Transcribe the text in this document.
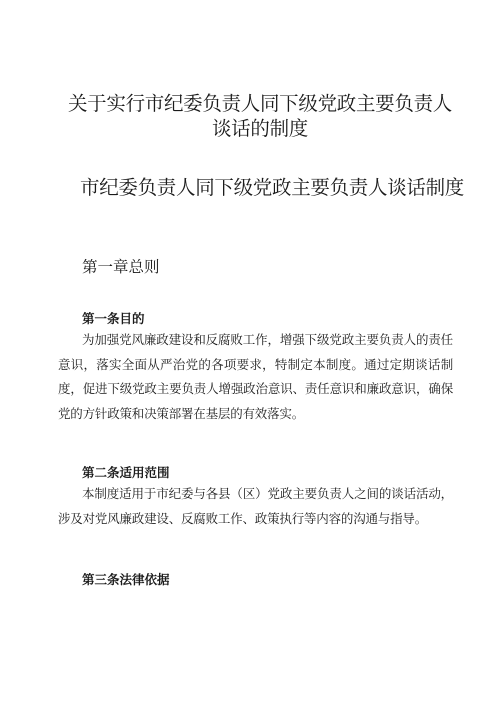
关于实行市纪委负责人同下级党政主要负责人谈话的制度
市纪委负责人同下级党政主要负责人谈话制度
第一章总则
第一条目的

为加强党风廉政建设和反腐败工作，增强下级党政主要负责人的责任意识，落实全面从严治党的各项要求，特制定本制度。通过定期谈话制度，促进下级党政主要负责人增强政治意识、责任意识和廉政意识，确保党的方针政策和决策部署在基层的有效落实。

第二条适用范围

本制度适用于市纪委与各县（区）党政主要负责人之间的谈话活动，涉及对党风廉政建设、反腐败工作、政策执行等内容的沟通与指导。

第三条法律依据
